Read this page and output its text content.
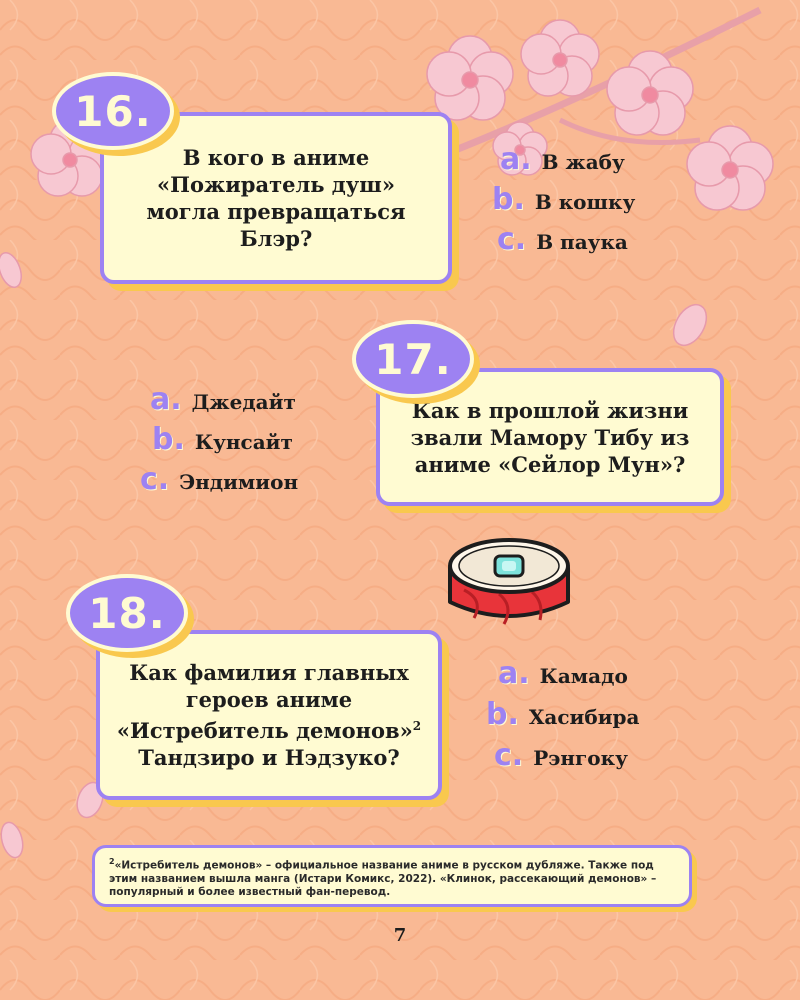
В кого в аниме
«Пожиратель душ»
могла превращаться
Блэр?
16.
a. В жабу
b. В кошку
c. В паука
Как в прошлой жизни
звали Мамору Тибу из
аниме «Сейлор Мун»?
17.
a. Джедайт
b. Кунсайт
c. Эндимион
Как фамилия главных
героев аниме
«Истребитель демонов»$^2$
Тандзиро и Нэдзуко?
18.
a. Камадо
b. Хасибира
c. Рэнгоку
$^2$«Истребитель демонов» – официальное название аниме в русском дубляже. Также под этим названием вышла манга (Истари Комикс, 2022). «Клинок, рассекающий демонов» – популярный и более известный фан-перевод.
7
